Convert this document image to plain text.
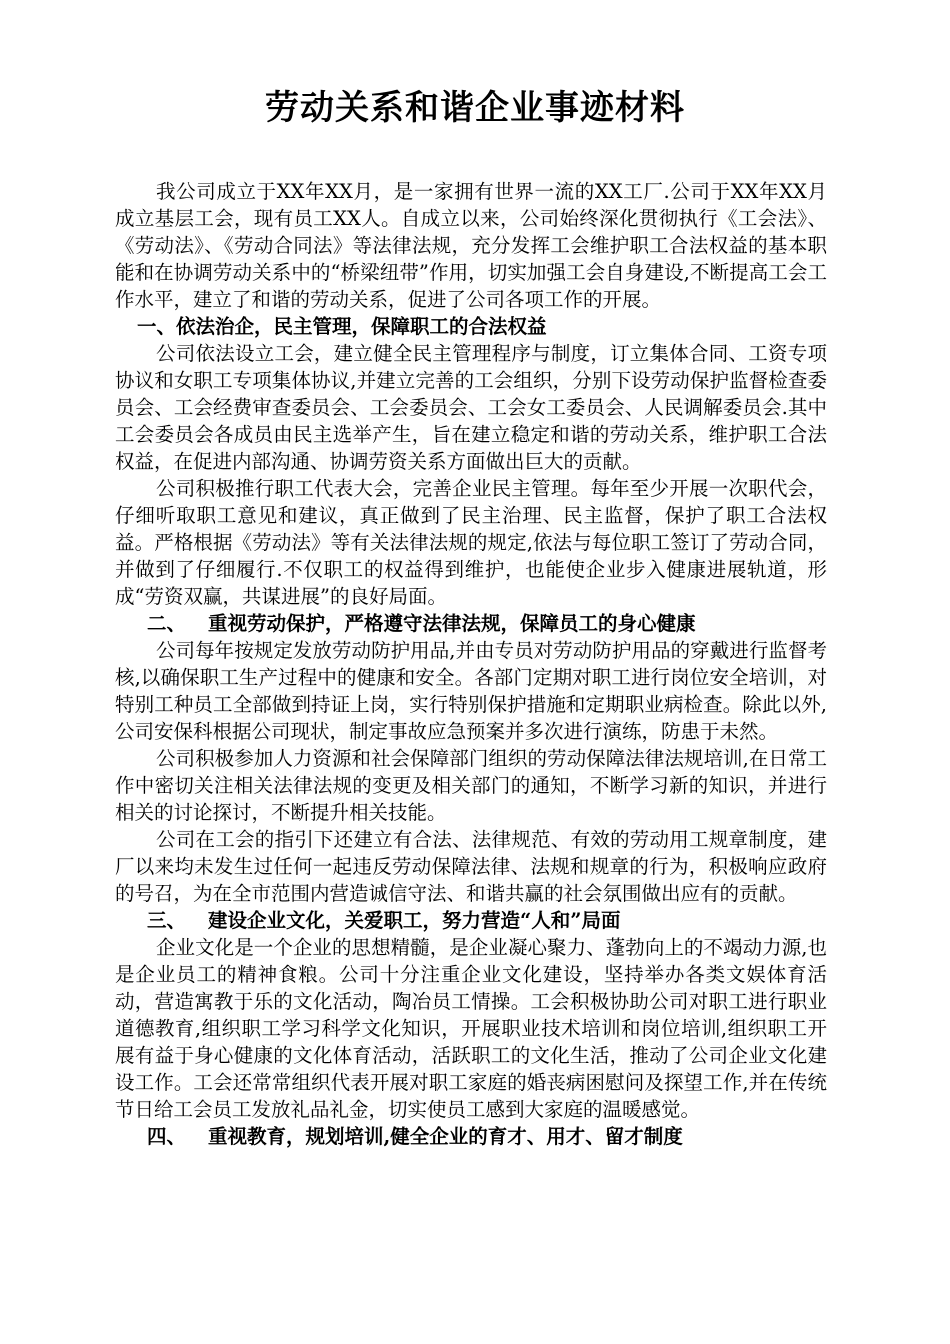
劳动关系和谐企业事迹材料

我公司成立于XX年XX月，是一家拥有世界一流的XX工厂.公司于XX年XX月成立基层工会，现有员工XX人。自成立以来，公司始终深化贯彻执行《工会法》、《劳动法》、《劳动合同法》等法律法规，充分发挥工会维护职工合法权益的基本职能和在协调劳动关系中的“桥梁纽带”作用，切实加强工会自身建设,不断提高工会工作水平，建立了和谐的劳动关系，促进了公司各项工作的开展。

一、依法治企，民主管理，保障职工的合法权益

公司依法设立工会，建立健全民主管理程序与制度，订立集体合同、工资专项协议和女职工专项集体协议,并建立完善的工会组织，分别下设劳动保护监督检查委员会、工会经费审查委员会、工会委员会、工会女工委员会、人民调解委员会.其中工会委员会各成员由民主选举产生，旨在建立稳定和谐的劳动关系，维护职工合法权益，在促进内部沟通、协调劳资关系方面做出巨大的贡献。

公司积极推行职工代表大会，完善企业民主管理。每年至少开展一次职代会，仔细听取职工意见和建议，真正做到了民主治理、民主监督，保护了职工合法权益。严格根据《劳动法》等有关法律法规的规定,依法与每位职工签订了劳动合同，并做到了仔细履行.不仅职工的权益得到维护，也能使企业步入健康进展轨道，形成“劳资双赢，共谋进展”的良好局面。

二、 重视劳动保护，严格遵守法律法规，保障员工的身心健康

公司每年按规定发放劳动防护用品,并由专员对劳动防护用品的穿戴进行监督考核,以确保职工生产过程中的健康和安全。各部门定期对职工进行岗位安全培训，对特别工种员工全部做到持证上岗，实行特别保护措施和定期职业病检查。除此以外,公司安保科根据公司现状，制定事故应急预案并多次进行演练，防患于未然。

公司积极参加人力资源和社会保障部门组织的劳动保障法律法规培训,在日常工作中密切关注相关法律法规的变更及相关部门的通知，不断学习新的知识，并进行相关的讨论探讨，不断提升相关技能。

公司在工会的指引下还建立有合法、法律规范、有效的劳动用工规章制度，建厂以来均未发生过任何一起违反劳动保障法律、法规和规章的行为，积极响应政府的号召，为在全市范围内营造诚信守法、和谐共赢的社会氛围做出应有的贡献。

三、 建设企业文化，关爱职工，努力营造“人和”局面

企业文化是一个企业的思想精髓，是企业凝心聚力、蓬勃向上的不竭动力源,也是企业员工的精神食粮。公司十分注重企业文化建设，坚持举办各类文娱体育活动，营造寓教于乐的文化活动，陶冶员工情操。工会积极协助公司对职工进行职业道德教育,组织职工学习科学文化知识，开展职业技术培训和岗位培训,组织职工开展有益于身心健康的文化体育活动，活跃职工的文化生活，推动了公司企业文化建设工作。工会还常常组织代表开展对职工家庭的婚丧病困慰问及探望工作,并在传统节日给工会员工发放礼品礼金，切实使员工感到大家庭的温暖感觉。

四、 重视教育，规划培训,健全企业的育才、用才、留才制度
